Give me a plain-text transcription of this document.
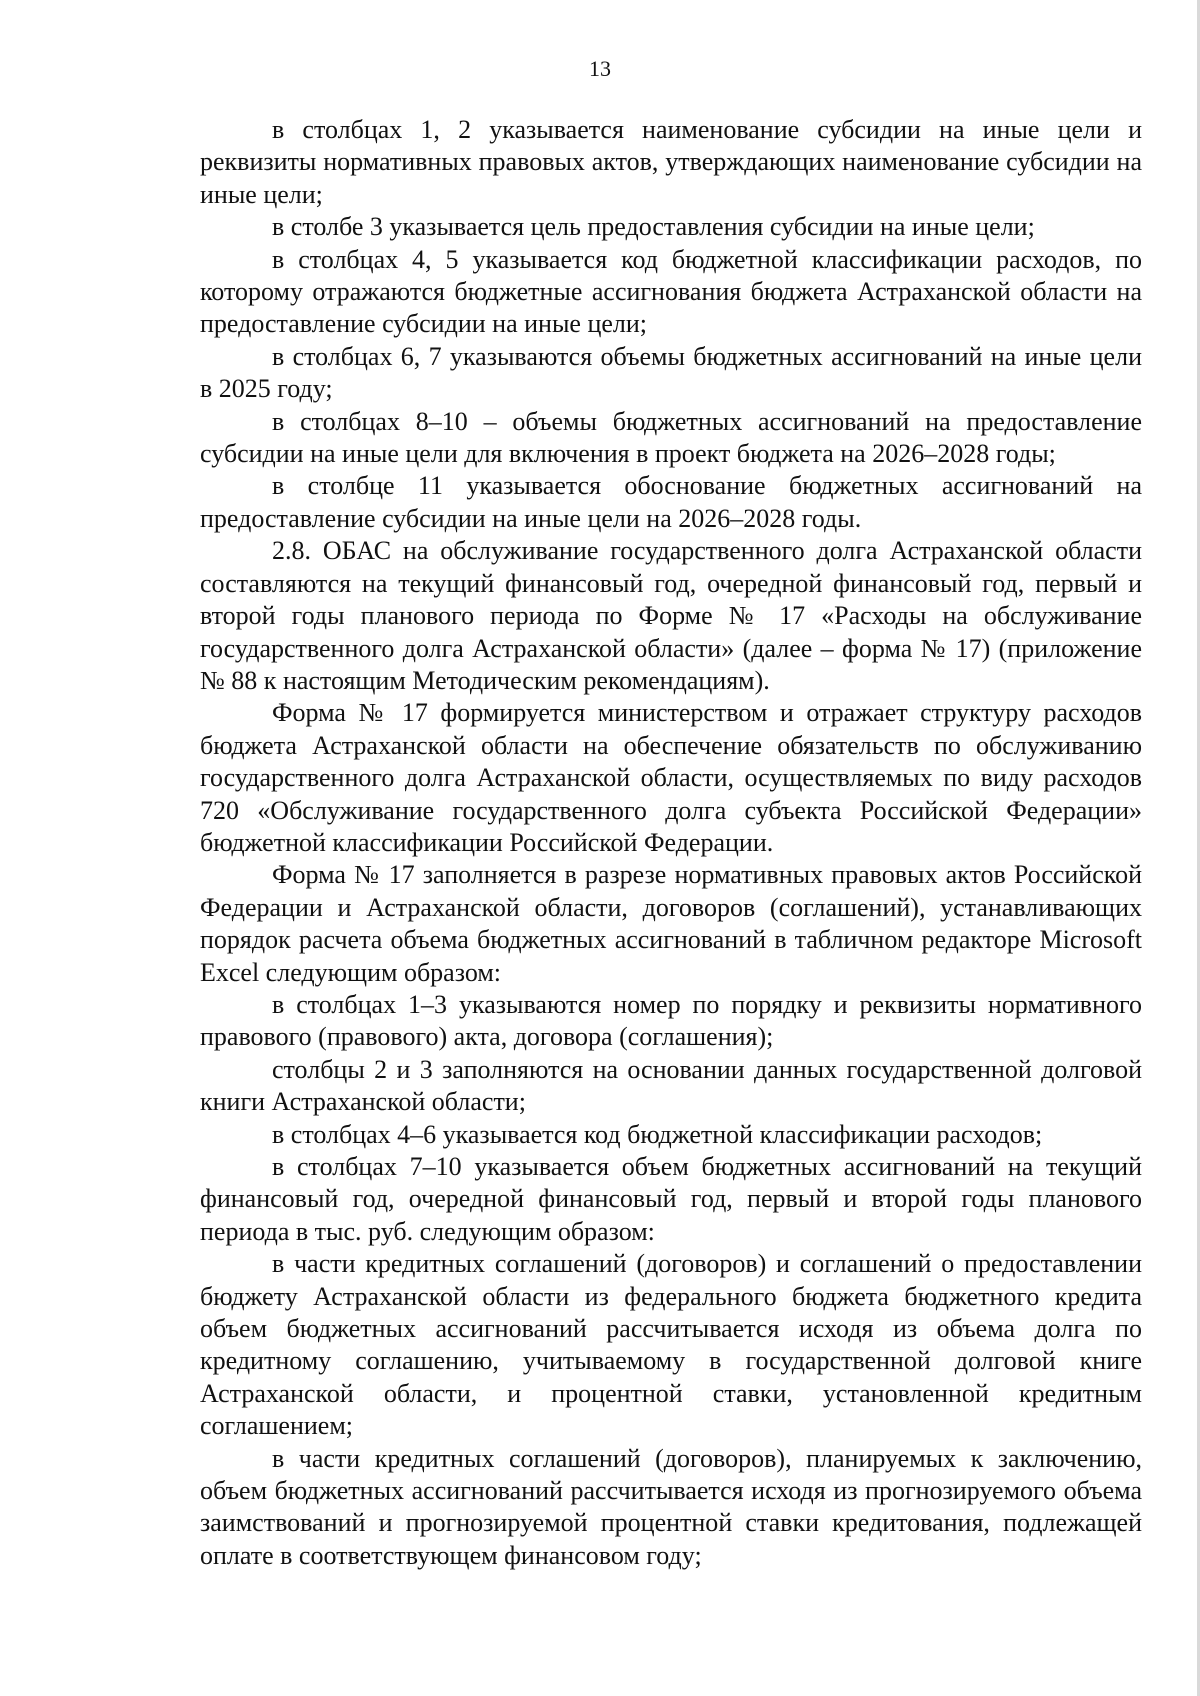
13

в столбцах 1, 2 указывается наименование субсидии на иные цели и реквизиты нормативных правовых актов, утверждающих наименование субсидии на иные цели;

в столбе 3 указывается цель предоставления субсидии на иные цели;

в столбцах 4, 5 указывается код бюджетной классификации расходов, по которому отражаются бюджетные ассигнования бюджета Астраханской области на предоставление субсидии на иные цели;

в столбцах 6, 7 указываются объемы бюджетных ассигнований на иные цели в 2025 году;

в столбцах 8–10 – объемы бюджетных ассигнований на предоставление субсидии на иные цели для включения в проект бюджета на 2026–2028 годы;

в столбце 11 указывается обоснование бюджетных ассигнований на предоставление субсидии на иные цели на 2026–2028 годы.

2.8. ОБАС на обслуживание государственного долга Астраханской области составляются на текущий финансовый год, очередной финансовый год, первый и второй годы планового периода по Форме № 17 «Расходы на обслуживание государственного долга Астраханской области» (далее – форма № 17) (приложение № 88 к настоящим Методическим рекомендациям).

Форма № 17 формируется министерством и отражает структуру расходов бюджета Астраханской области на обеспечение обязательств по обслуживанию государственного долга Астраханской области, осуществляемых по виду расходов 720 «Обслуживание государственного долга субъекта Российской Федерации» бюджетной классификации Российской Федерации.

Форма № 17 заполняется в разрезе нормативных правовых актов Российской Федерации и Астраханской области, договоров (соглашений), устанавливающих порядок расчета объема бюджетных ассигнований в табличном редакторе Microsoft Excel следующим образом:

в столбцах 1–3 указываются номер по порядку и реквизиты нормативного правового (правового) акта, договора (соглашения);

столбцы 2 и 3 заполняются на основании данных государственной долговой книги Астраханской области;

в столбцах 4–6 указывается код бюджетной классификации расходов;

в столбцах 7–10 указывается объем бюджетных ассигнований на текущий финансовый год, очередной финансовый год, первый и второй годы планового периода в тыс. руб. следующим образом:

в части кредитных соглашений (договоров) и соглашений о предоставлении бюджету Астраханской области из федерального бюджета бюджетного кредита объем бюджетных ассигнований рассчитывается исходя из объема долга по кредитному соглашению, учитываемому в государственной долговой книге Астраханской области, и процентной ставки, установленной кредитным соглашением;

в части кредитных соглашений (договоров), планируемых к заключению, объем бюджетных ассигнований рассчитывается исходя из прогнозируемого объема заимствований и прогнозируемой процентной ставки кредитования, подлежащей оплате в соответствующем финансовом году;
